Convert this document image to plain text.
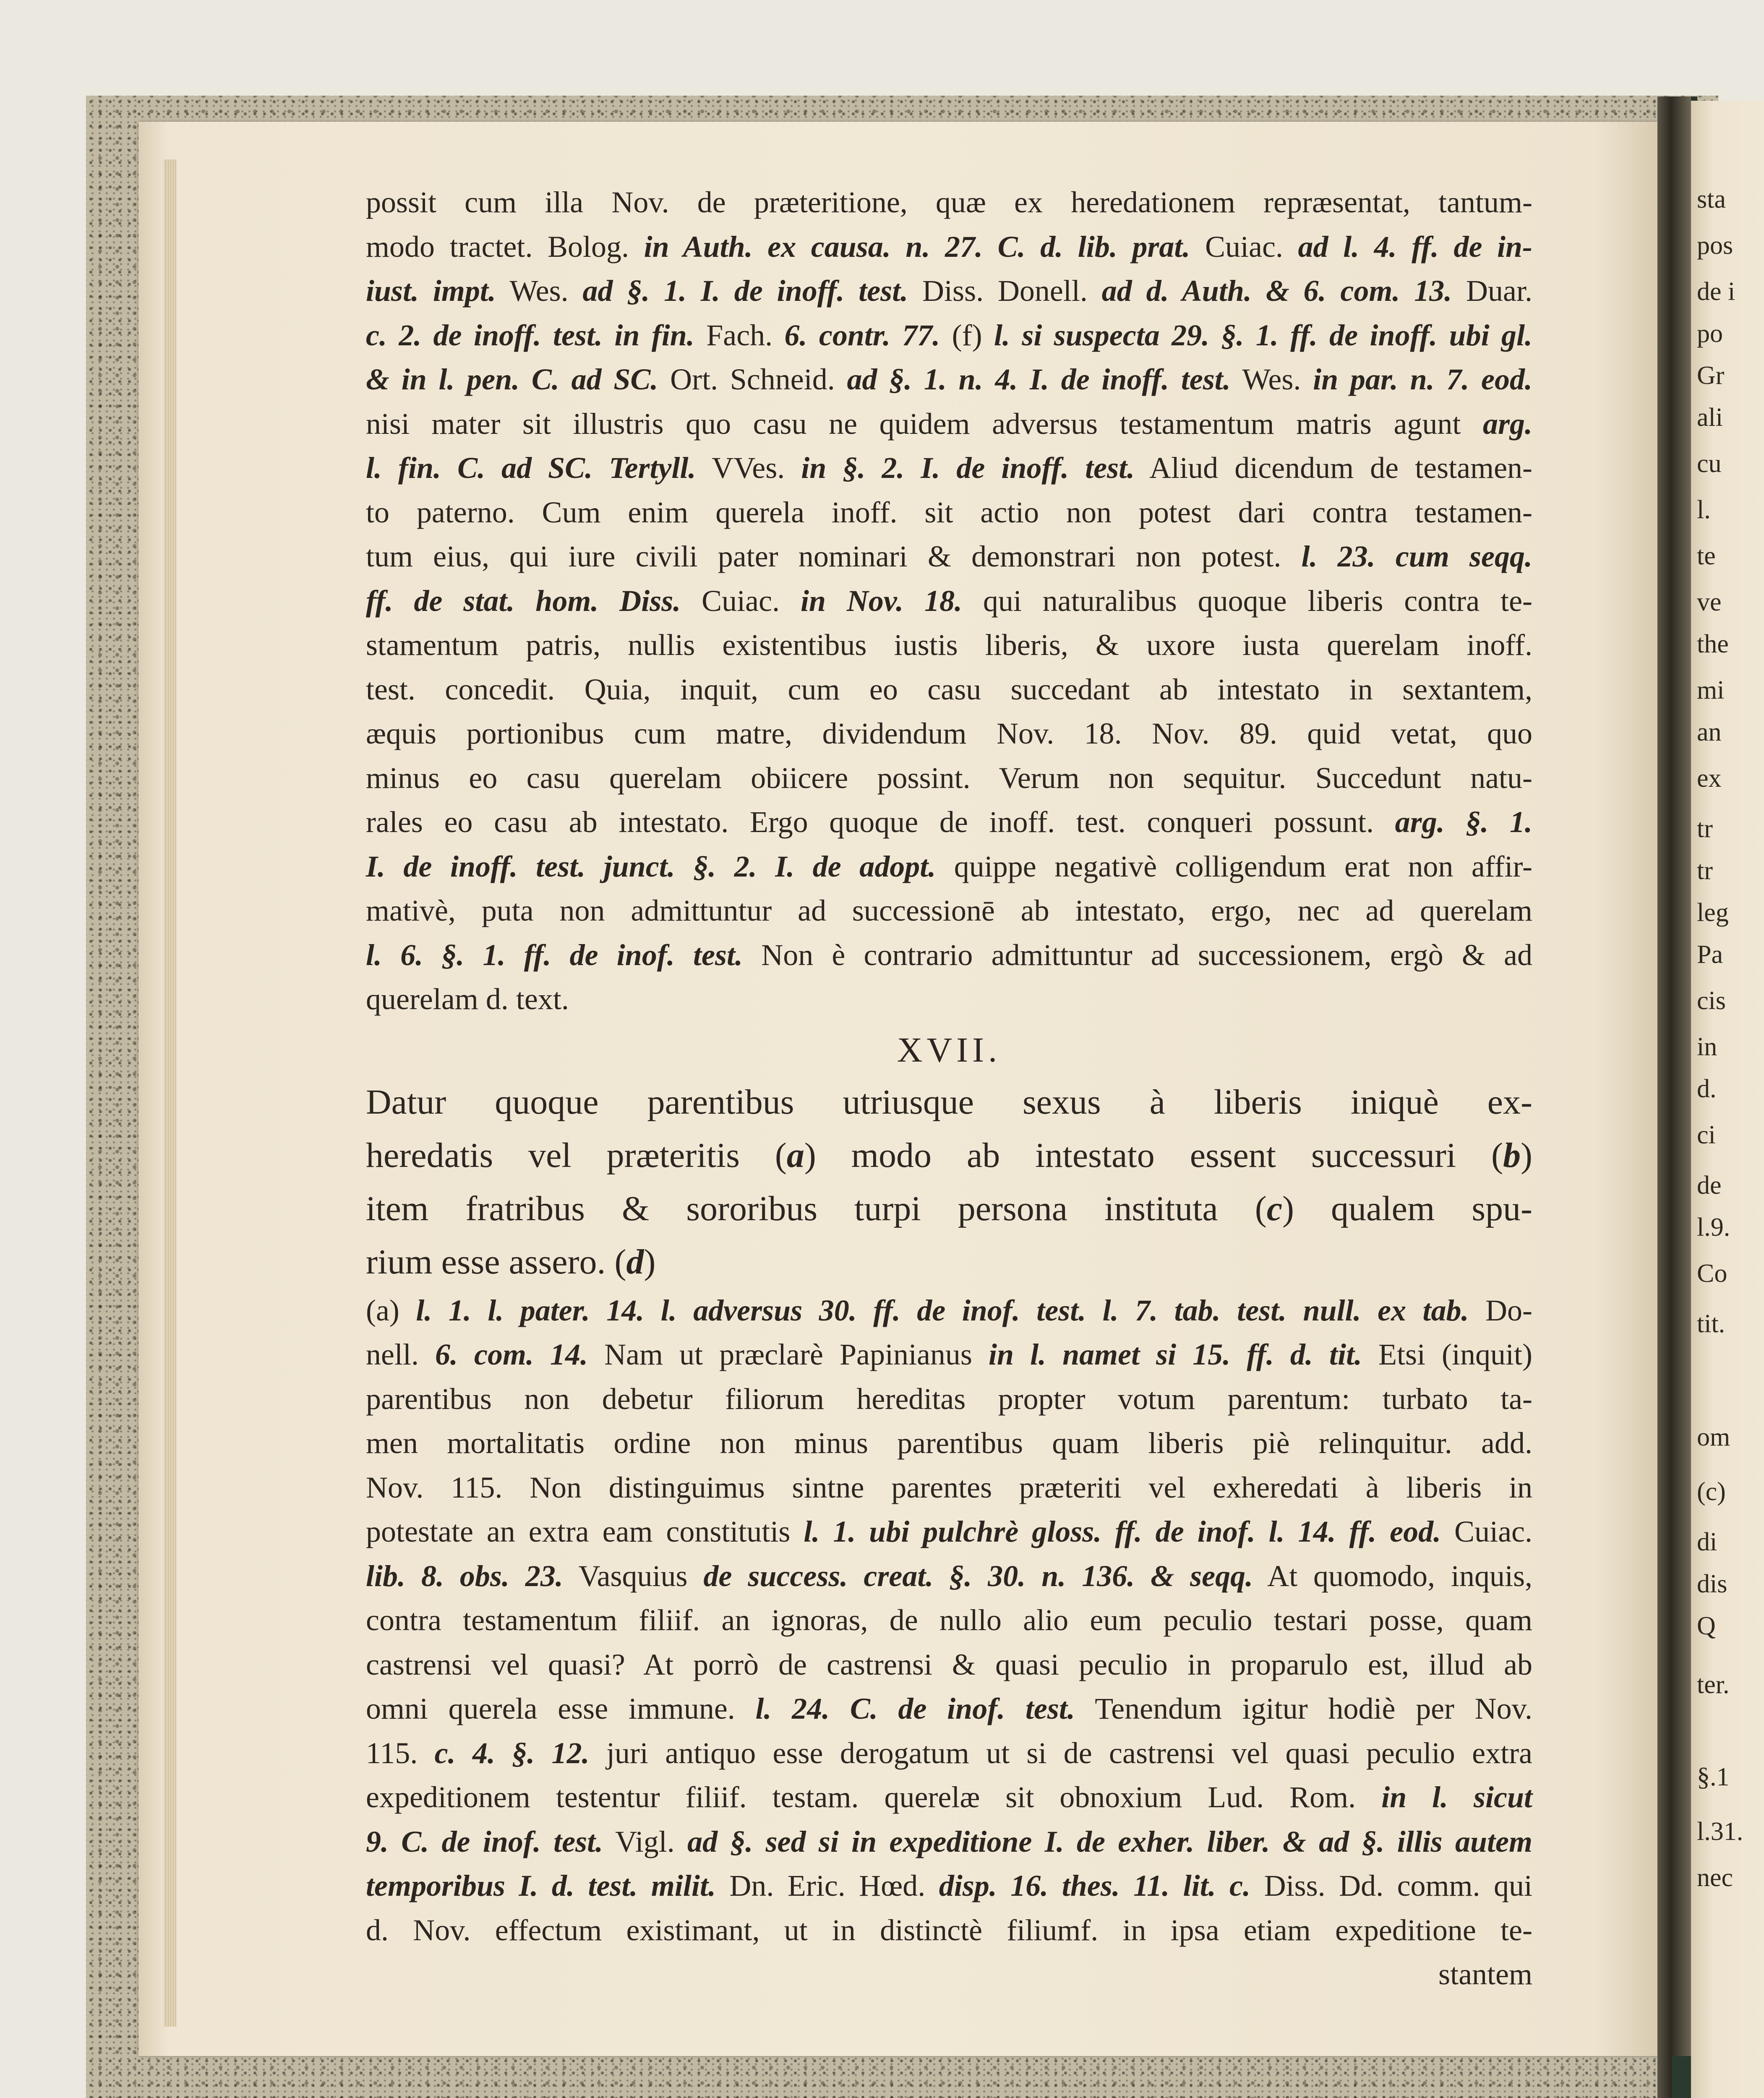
sta
pos
de i
po
Gr
ali
cu
l.
te
ve
the
mi
an
ex
tr
tr
leg
Pa
cis
in
d.
ci
de
l.9.
Co
tit.
om
(c)
di
dis
Q
ter.
§.1
l.31.
nec
possit cum illa Nov. de præteritione, quæ ex heredationem repræsentat, tantum-
modo tractet. Bolog. in Auth. ex causa. n. 27. C. d. lib. prat. Cuiac. ad l. 4. ff. de in-
iust. impt. Wes. ad §. 1. I. de inoff. test. Diss. Donell. ad d. Auth. & 6. com. 13. Duar.
c. 2. de inoff. test. in fin. Fach. 6. contr. 77. (f) l. si suspecta 29. §. 1. ff. de inoff. ubi gl.
& in l. pen. C. ad SC. Ort. Schneid. ad §. 1. n. 4. I. de inoff. test. Wes. in par. n. 7. eod.
nisi mater sit illustris quo casu ne quidem adversus testamentum matris agunt arg.
l. fin. C. ad SC. Tertyll. VVes. in §. 2. I. de inoff. test. Aliud dicendum de testamen-
to paterno. Cum enim querela inoff. sit actio non potest dari contra testamen-
tum eius, qui iure civili pater nominari & demonstrari non potest. l. 23. cum seqq.
ff. de stat. hom. Diss. Cuiac. in Nov. 18. qui naturalibus quoque liberis contra te-
stamentum patris, nullis existentibus iustis liberis, & uxore iusta querelam inoff.
test. concedit. Quia, inquit, cum eo casu succedant ab intestato in sextantem,
æquis portionibus cum matre, dividendum Nov. 18. Nov. 89. quid vetat, quo
minus eo casu querelam obiicere possint. Verum non sequitur. Succedunt natu-
rales eo casu ab intestato. Ergo quoque de inoff. test. conqueri possunt. arg. §. 1.
I. de inoff. test. junct. §. 2. I. de adopt. quippe negativè colligendum erat non affir-
mativè, puta non admittuntur ad successionē ab intestato, ergo, nec ad querelam
l. 6. §. 1. ff. de inof. test. Non è contrario admittuntur ad successionem, ergò & ad
querelam d. text.
XVII.
Datur quoque parentibus utriusque sexus à liberis iniquè ex-
heredatis vel præteritis (a) modo ab intestato essent successuri (b)
item fratribus & sororibus turpi persona instituta (c) qualem spu-
rium esse assero. (d)
(a) l. 1. l. pater. 14. l. adversus 30. ff. de inof. test. l. 7. tab. test. null. ex tab. Do-
nell. 6. com. 14. Nam ut præclarè Papinianus in l. namet si 15. ff. d. tit. Etsi (inquit)
parentibus non debetur filiorum hereditas propter votum parentum: turbato ta-
men mortalitatis ordine non minus parentibus quam liberis piè relinquitur. add.
Nov. 115. Non distinguimus sintne parentes præteriti vel exheredati à liberis in
potestate an extra eam constitutis l. 1. ubi pulchrè gloss. ff. de inof. l. 14. ff. eod. Cuiac.
lib. 8. obs. 23. Vasquius de success. creat. §. 30. n. 136. & seqq. At quomodo, inquis,
contra testamentum filiif. an ignoras, de nullo alio eum peculio testari posse, quam
castrensi vel quasi? At porrò de castrensi & quasi peculio in proparulo est, illud ab
omni querela esse immune. l. 24. C. de inof. test. Tenendum igitur hodiè per Nov.
115. c. 4. §. 12. juri antiquo esse derogatum ut si de castrensi vel quasi peculio extra
expeditionem testentur filiif. testam. querelæ sit obnoxium Lud. Rom. in l. sicut
9. C. de inof. test. Vigl. ad §. sed si in expeditione I. de exher. liber. & ad §. illis autem
temporibus I. d. test. milit. Dn. Eric. Hœd. disp. 16. thes. 11. lit. c. Diss. Dd. comm. qui
d. Nov. effectum existimant, ut in distinctè filiumf. in ipsa etiam expeditione te-
stantem
